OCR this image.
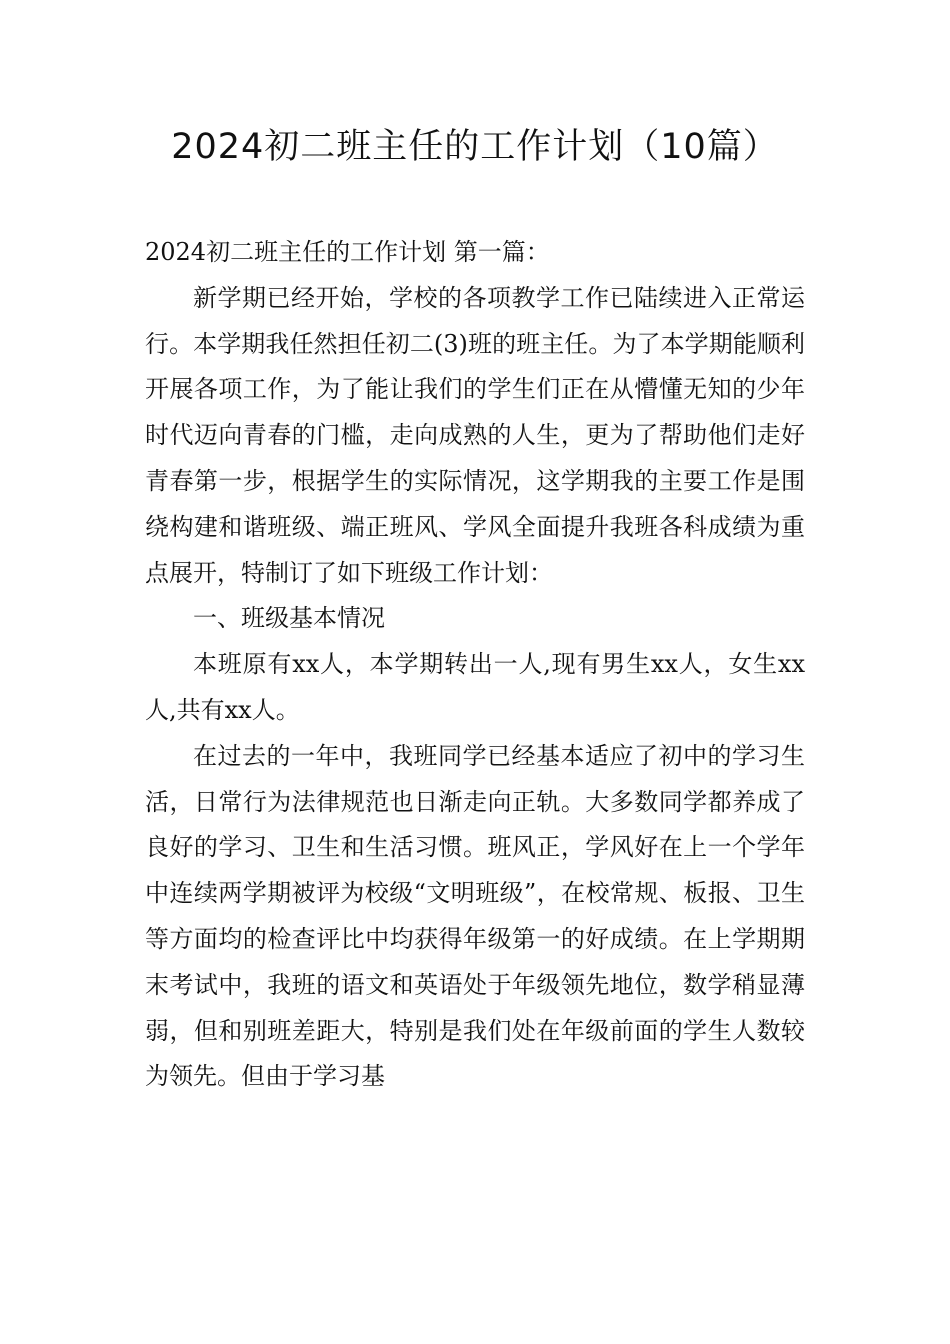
2024初二班主任的工作计划（10篇）

2024初二班主任的工作计划 第一篇：

新学期已经开始，学校的各项教学工作已陆续进入正常运行。本学期我任然担任初二(3)班的班主任。为了本学期能顺利开展各项工作，为了能让我们的学生们正在从懵懂无知的少年时代迈向青春的门槛，走向成熟的人生，更为了帮助他们走好青春第一步，根据学生的实际情况，这学期我的主要工作是围绕构建和谐班级、端正班风、学风全面提升我班各科成绩为重点展开，特制订了如下班级工作计划：

一、班级基本情况

本班原有xx人，本学期转出一人,现有男生xx人，女生xx 人,共有xx人。

在过去的一年中，我班同学已经基本适应了初中的学习生活，日常行为法律规范也日渐走向正轨。大多数同学都养成了良好的学习、卫生和生活习惯。班风正，学风好在上一个学年中连续两学期被评为校级“文明班级”，在校常规、板报、卫生等方面均的检查评比中均获得年级第一的好成绩。在上学期期末考试中，我班的语文和英语处于年级领先地位，数学稍显薄弱，但和别班差距大，特别是我们处在年级前面的学生人数较为领先。但由于学习基
